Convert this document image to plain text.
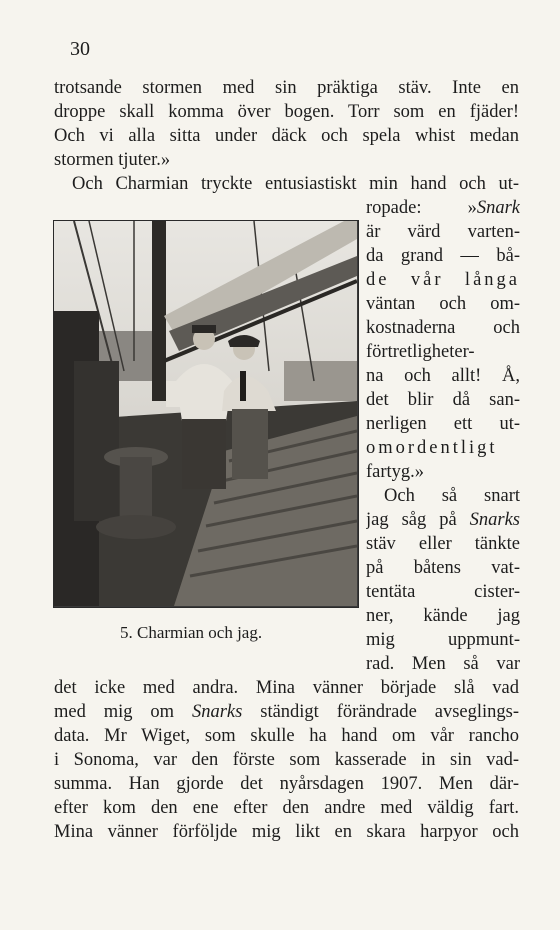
30
trotsande stormen med sin präktiga stäv. Inte en
droppe skall komma över bogen. Torr som en fjäder!
Och vi alla sitta under däck och spela whist medan
stormen tjuter.»
Och Charmian tryckte entusiastiskt min hand och ut-
ropade: »Snark
är värd varten-
da grand — bå-
de vår långa
väntan och om-
kostnaderna och
förtretligheter-
na och allt! Å,
det blir då san-
nerligen ett ut-
omordentligt
fartyg.»
Och så snart
jag såg på Snarks
stäv eller tänkte
på båtens vat-
tentäta cister-
ner, kände jag
mig uppmunt-
rad. Men så var
5. Charmian och jag.
det icke med andra. Mina vänner började slå vad
med mig om Snarks ständigt förändrade avseglings-
data. Mr Wiget, som skulle ha hand om vår rancho
i Sonoma, var den förste som kasserade in sin vad-
summa. Han gjorde det nyårsdagen 1907. Men där-
efter kom den ene efter den andre med väldig fart.
Mina vänner förföljde mig likt en skara harpyor och
